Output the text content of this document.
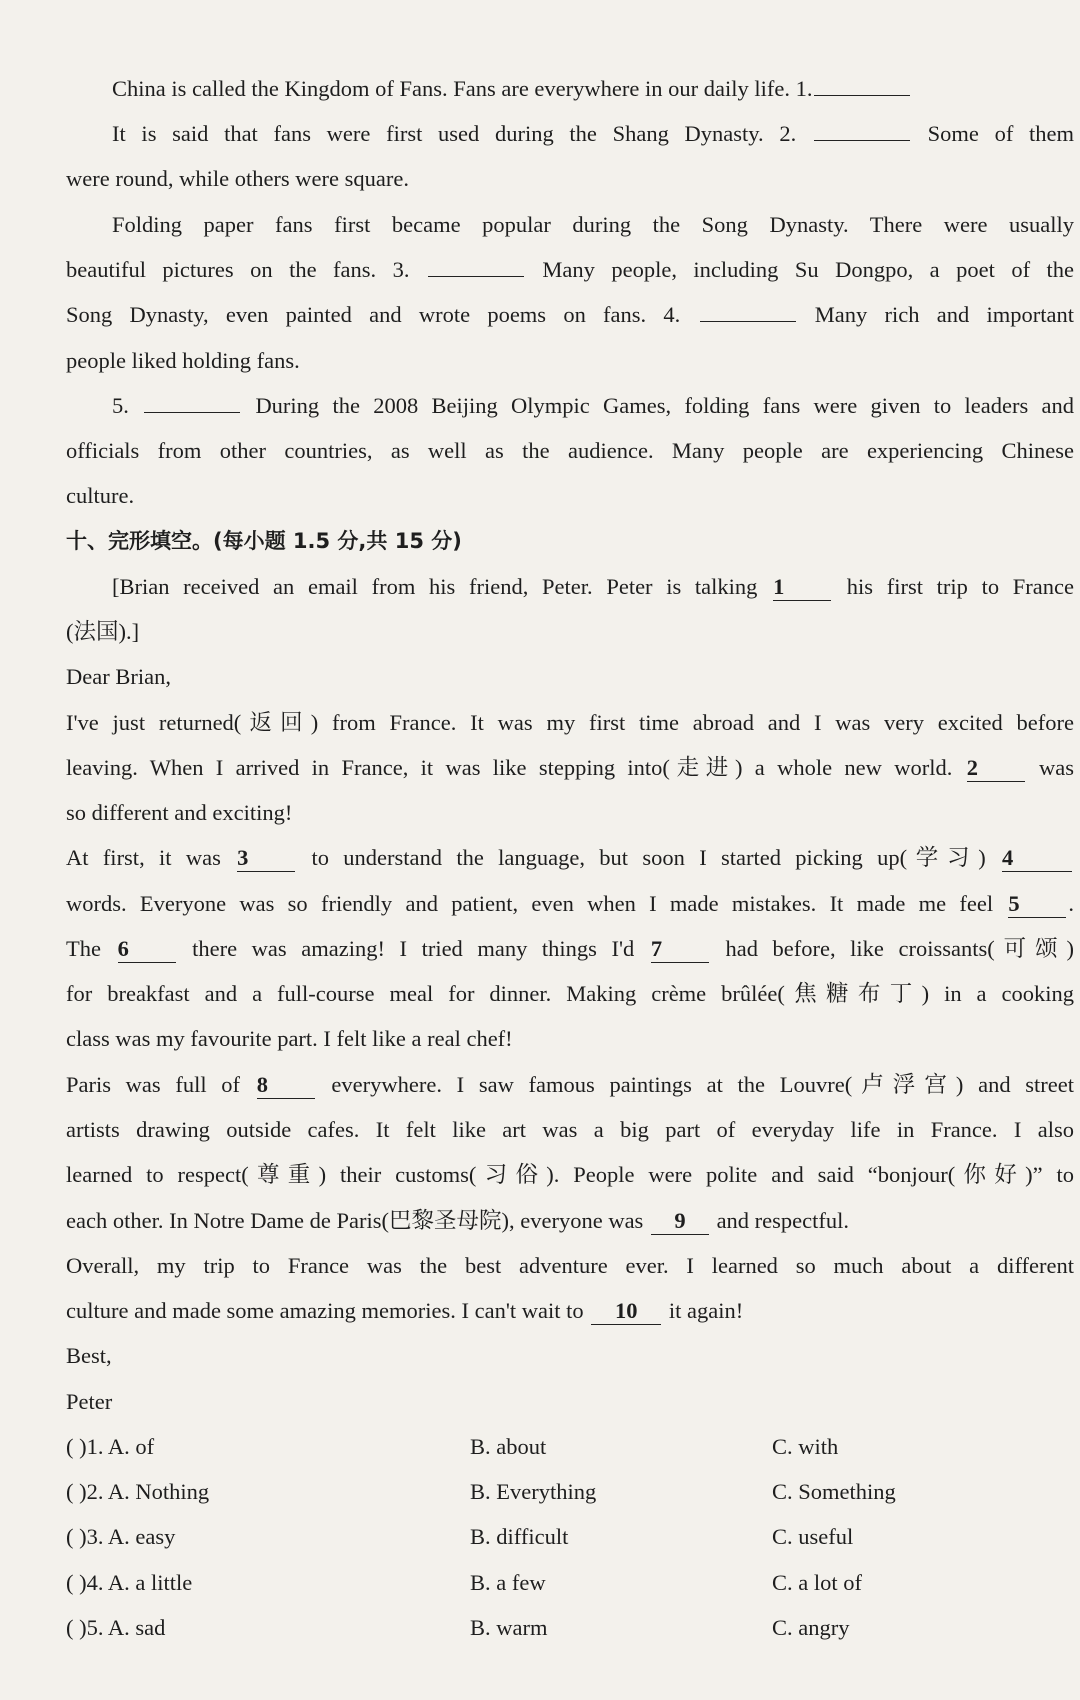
China is called the Kingdom of Fans. Fans are everywhere in our daily life. 1.
It is said that fans were first used during the Shang Dynasty. 2.	Some of them
were round, while others were square.
Folding paper fans first became popular during the Song Dynasty. There were usually
beautiful pictures on the fans. 3.	Many people, including Su Dongpo, a poet of the
Song Dynasty, even painted and wrote poems on fans. 4.	Many rich and important
people liked holding fans.
5.	During the 2008 Beijing Olympic Games, folding fans were given to leaders and
officials from other countries, as well as the audience. Many people are experiencing Chinese
culture.
十、完形填空。(每小题 1.5 分,共 15 分)
[Brian received an email from his friend, Peter. Peter is talking 1	his first trip to France
(法国).]
Dear Brian,
I've just returned(返回) from France. It was my first time abroad and I was very excited before
leaving. When I arrived in France, it was like stepping into(走进) a whole new world. 2	was
so different and exciting!
At first, it was 3	to understand the language, but soon I started picking up(学习) 4
words. Everyone was so friendly and patient, even when I made mistakes. It made me feel 5 .
The 6	there was amazing! I tried many things I'd 7	had before, like croissants(可颂)
for breakfast and a full-course meal for dinner. Making crème brûlée(焦糖布丁) in a cooking
class was my favourite part. I felt like a real chef!
Paris was full of 8	everywhere. I saw famous paintings at the Louvre(卢浮宫) and street
artists drawing outside cafes. It felt like art was a big part of everyday life in France. I also
learned to respect(尊重) their customs(习俗). People were polite and said “bonjour(你好)” to
each other. In Notre Dame de Paris(巴黎圣母院), everyone was 9 and respectful.
Overall, my trip to France was the best adventure ever. I learned so much about a different
culture and made some amazing memories. I can't wait to 10 it again!
Best,
Peter
( )1. A. of	B. about	C. with
( )2. A. Nothing	B. Everything	C. Something
( )3. A. easy	B. difficult	C. useful
( )4. A. a little	B. a few	C. a lot of
( )5. A. sad	B. warm	C. angry
